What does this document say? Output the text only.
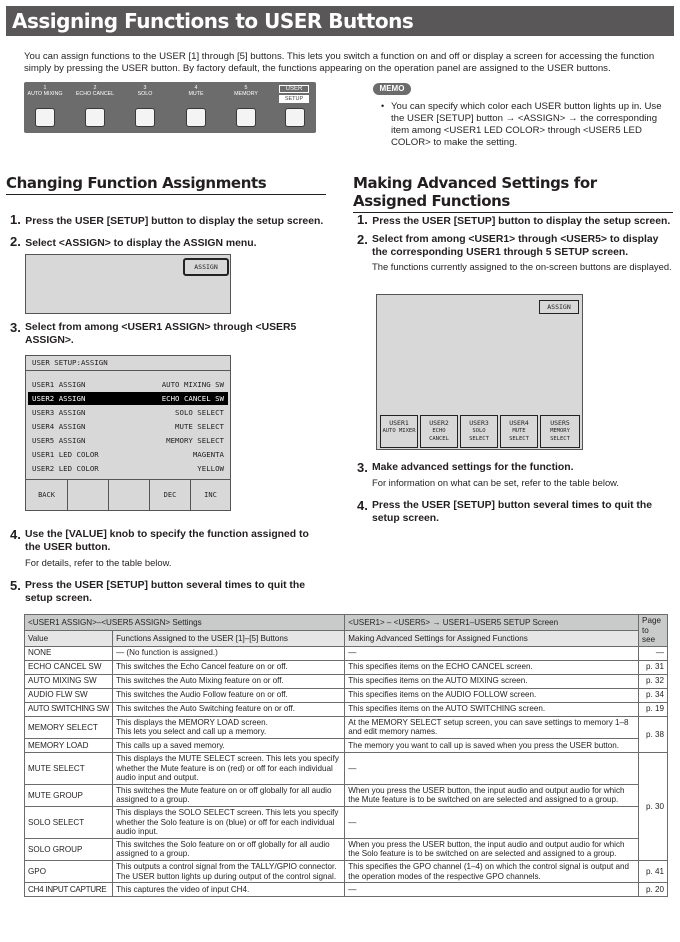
Assigning Functions to USER Buttons
You can assign functions to the USER [1] through [5] buttons. This lets you switch a function on and off or display a screen for accessing the function simply by pressing the USER button. By factory default, the functions appearing on the operation panel are assigned to the USER buttons.
1
AUTO MIXING
2
ECHO CANCEL
3
SOLO
4
MUTE
5
MEMORY
USER
SETUP
MEMO
• You can specify which color each USER button lights up in. Use the USER [SETUP] button → <ASSIGN> → the corresponding item among <USER1 LED COLOR> through <USER5 LED COLOR> to make the setting.
Changing Function Assignments
1. Press the USER [SETUP] button to display the setup screen.
2. Select <ASSIGN> to display the ASSIGN menu.
ASSIGN
3. Select from among <USER1 ASSIGN> through <USER5 ASSIGN>.
USER SETUP:ASSIGN
USER1 ASSIGN	AUTO MIXING SW
USER2 ASSIGN	ECHO CANCEL SW
USER3 ASSIGN	SOLO SELECT
USER4 ASSIGN	MUTE SELECT
USER5 ASSIGN	MEMORY SELECT
USER1 LED COLOR	MAGENTA
USER2 LED COLOR	YELLOW
BACK	DEC	INC
4. Use the [VALUE] knob to specify the function assigned to the USER button.
For details, refer to the table below.
5. Press the USER [SETUP] button several times to quit the setup screen.
Making Advanced Settings for Assigned Functions
1. Press the USER [SETUP] button to display the setup screen.
2. Select from among <USER1> through <USER5> to display the corresponding USER1 through 5 SETUP screen.
The functions currently assigned to the on-screen buttons are displayed.
ASSIGN
USER1
AUTO MIXER
USER2
ECHO CANCEL
USER3
SOLO SELECT
USER4
MUTE SELECT
USER5
MEMORY SELECT
3. Make advanced settings for the function.
For information on what can be set, refer to the table below.
4. Press the USER [SETUP] button several times to quit the setup screen.
<USER1 ASSIGN>–<USER5 ASSIGN> Settings		<USER1> – <USER5> → USER1–USER5 SETUP Screen	Page to see
Value	Functions Assigned to the USER [1]–[5] Buttons	Making Advanced Settings for Assigned Functions	
NONE	— (No function is assigned.)	—	—
ECHO CANCEL SW	This switches the Echo Cancel feature on or off.	This specifies items on the ECHO CANCEL screen.	p. 31
AUTO MIXING SW	This switches the Auto Mixing feature on or off.	This specifies items on the AUTO MIXING screen.	p. 32
AUDIO FLW SW	This switches the Audio Follow feature on or off.	This specifies items on the AUDIO FOLLOW screen.	p. 34
AUTO SWITCHING SW	This switches the Auto Switching feature on or off.	This specifies items on the AUTO SWITCHING screen.	p. 19
MEMORY SELECT	This displays the MEMORY LOAD screen.
This lets you select and call up a memory.	At the MEMORY SELECT setup screen, you can save settings to memory 1–8 and edit memory names.	p. 38
MEMORY LOAD	This calls up a saved memory.	The memory you want to call up is saved when you press the USER button.	
MUTE SELECT	This displays the MUTE SELECT screen. This lets you specify whether the Mute feature is on (red) or off for each individual audio input and output.	—	p. 30
MUTE GROUP	This switches the Mute feature on or off globally for all audio assigned to a group.	When you press the USER button, the input audio and output audio for which the Mute feature is to be switched on are selected and assigned to a group.	
SOLO SELECT	This displays the SOLO SELECT screen. This lets you specify whether the Solo feature is on (blue) or off for each individual audio input.	—	
SOLO GROUP	This switches the Solo feature on or off globally for all audio assigned to a group.	When you press the USER button, the input audio and output audio for which the Solo feature is to be switched on are selected and assigned to a group.	
GPO	This outputs a control signal from the TALLY/GPIO connector. The USER button lights up during output of the control signal.	This specifies the GPO channel (1–4) on which the control signal is output and the operation modes of the respective GPO channels.	p. 41
CH4 INPUT CAPTURE	This captures the video of input CH4.	—	p. 20
